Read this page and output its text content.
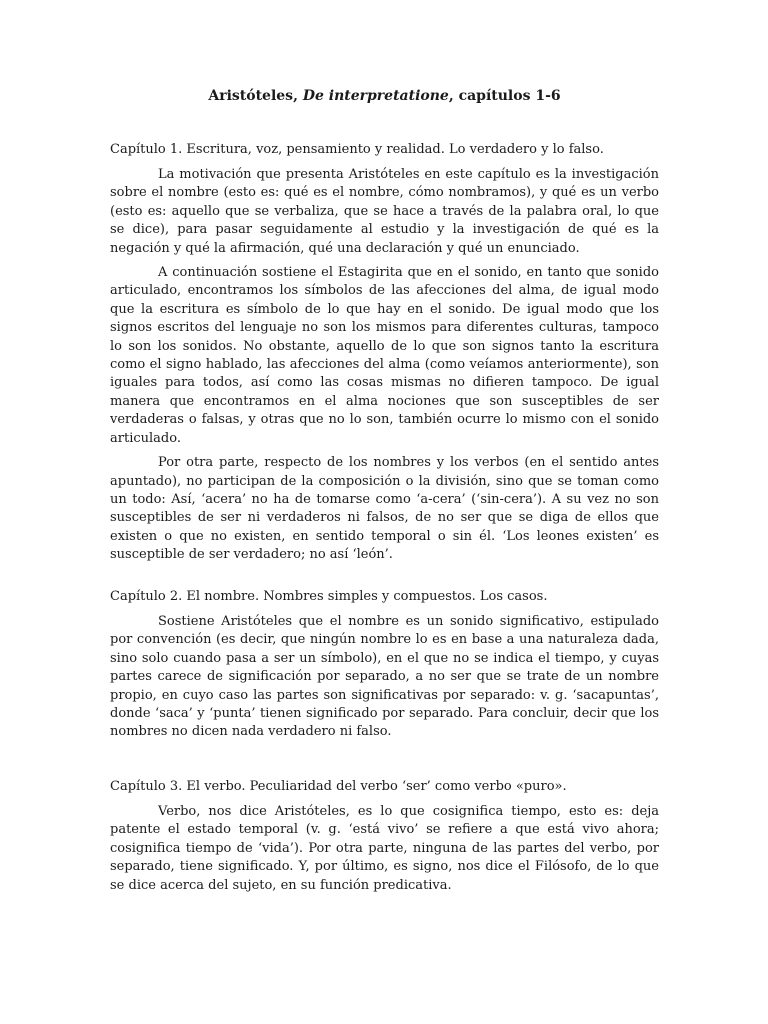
Aristóteles, De interpretatione, capítulos 1-6
Capítulo 1. Escritura, voz, pensamiento y realidad. Lo verdadero y lo falso.

La motivación que presenta Aristóteles en este capítulo es la investigación sobre el nombre (esto es: qué es el nombre, cómo nombramos), y qué es un verbo (esto es: aquello que se verbaliza, que se hace a través de la palabra oral, lo que se dice), para pasar seguidamente al estudio y la investigación de qué es la negación y qué la afirmación, qué una declaración y qué un enunciado.

A continuación sostiene el Estagirita que en el sonido, en tanto que sonido articulado, encontramos los símbolos de las afecciones del alma, de igual modo que la escritura es símbolo de lo que hay en el sonido. De igual modo que los signos escritos del lenguaje no son los mismos para diferentes culturas, tampoco lo son los sonidos. No obstante, aquello de lo que son signos tanto la escritura como el signo hablado, las afecciones del alma (como veíamos anteriormente), son iguales para todos, así como las cosas mismas no difieren tampoco. De igual manera que encontramos en el alma nociones que son susceptibles de ser verdaderas o falsas, y otras que no lo son, también ocurre lo mismo con el sonido articulado.

Por otra parte, respecto de los nombres y los verbos (en el sentido antes apuntado), no participan de la composición o la división, sino que se toman como un todo: Así, ‘acera’ no ha de tomarse como ‘a-cera’ (‘sin-cera’). A su vez no son susceptibles de ser ni verdaderos ni falsos, de no ser que se diga de ellos que existen o que no existen, en sentido temporal o sin él. ‘Los leones existen’ es susceptible de ser verdadero; no así ‘león’.

Capítulo 2. El nombre. Nombres simples y compuestos. Los casos.

Sostiene Aristóteles que el nombre es un sonido significativo, estipulado por convención (es decir, que ningún nombre lo es en base a una naturaleza dada, sino solo cuando pasa a ser un símbolo), en el que no se indica el tiempo, y cuyas partes carece de significación por separado, a no ser que se trate de un nombre propio, en cuyo caso las partes son significativas por separado: v. g. ‘sacapuntas’, donde ‘saca’ y ‘punta’ tienen significado por separado. Para concluir, decir que los nombres no dicen nada verdadero ni falso.

Capítulo 3. El verbo. Peculiaridad del verbo ‘ser’ como verbo «puro».

Verbo, nos dice Aristóteles, es lo que cosignifica tiempo, esto es: deja patente el estado temporal (v. g. ‘está vivo’ se refiere a que está vivo ahora; cosignifica tiempo de ‘vida’). Por otra parte, ninguna de las partes del verbo, por separado, tiene significado. Y, por último, es signo, nos dice el Filósofo, de lo que se dice acerca del sujeto, en su función predicativa.
